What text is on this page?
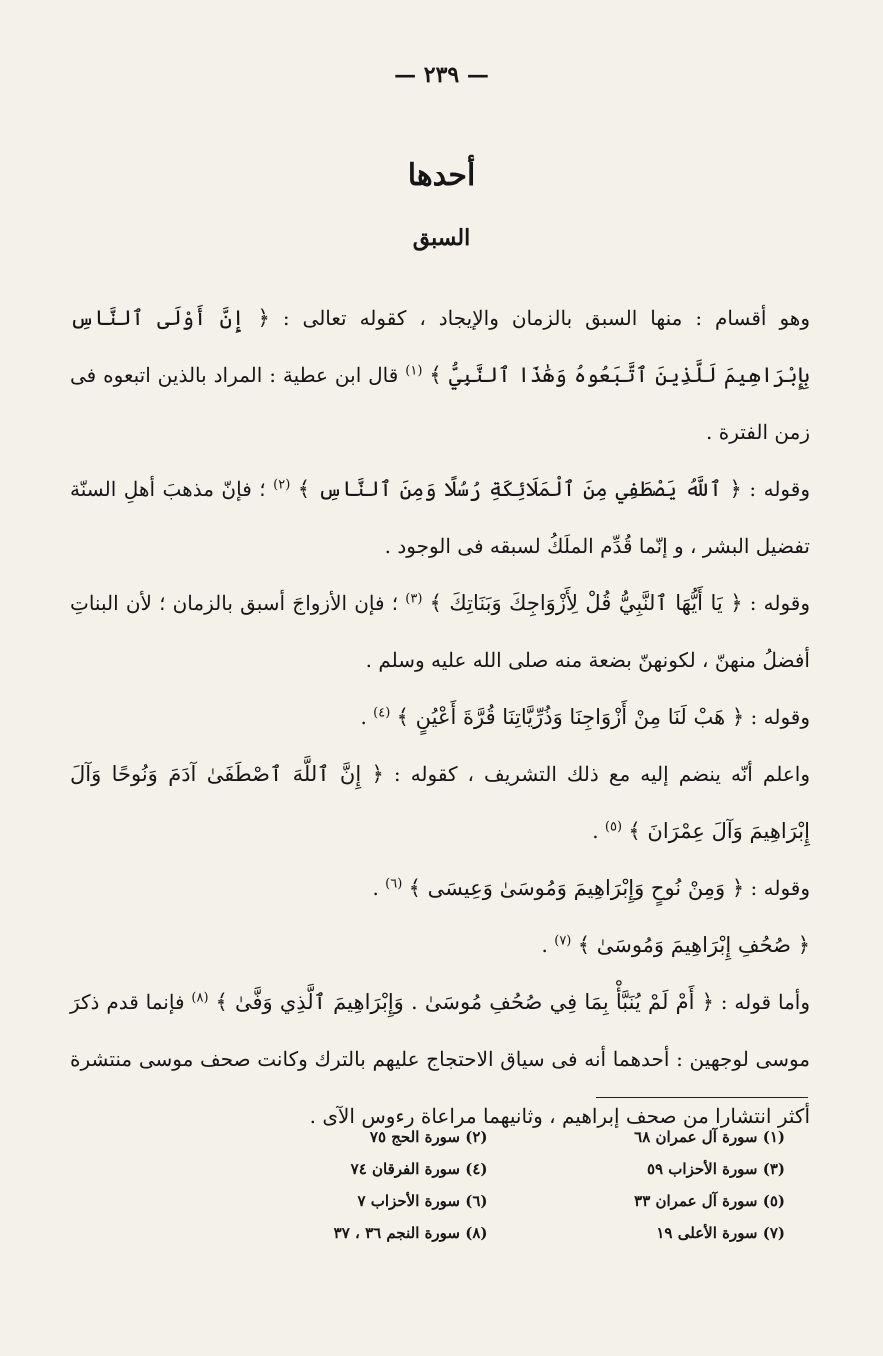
— ٢٣٩ —
أحدها
السبق

وهو أقسام : منها السبق بالزمان والإيجاد ، كقوله تعالى : ﴿ إِنَّ أَوْلَى ٱلنَّاسِ بِإِبْرَاهِيمَ لَلَّذِينَ ٱتَّبَعُوهُ وَهَٰذَا ٱلنَّبِيُّ ﴾ $^{(١)}$ قال ابن عطية : المراد بالذين اتبعوه فى زمن الفترة .

وقوله : ﴿ ٱللَّهُ يَصْطَفِي مِنَ ٱلْمَلَائِكَةِ رُسُلًا وَمِنَ ٱلنَّاسِ ﴾ $^{(٢)}$ ؛ فإنّ مذهبَ أهلِ السنّة تفضيل البشر ، و إنّما قُدِّم الملَكُ لسبقه فى الوجود .

وقوله : ﴿ يَا أَيُّهَا ٱلنَّبِيُّ قُلْ لِأَزْوَاجِكَ وَبَنَاتِكَ ﴾ $^{(٣)}$ ؛ فإن الأزواجَ أسبق بالزمان ؛ لأن البناتِ أفضلُ منهنّ ، لكونهنّ بضعة منه صلى الله عليه وسلم .

وقوله : ﴿ هَبْ لَنَا مِنْ أَزْوَاجِنَا وَذُرِّيَّاتِنَا قُرَّةَ أَعْيُنٍ ﴾ $^{(٤)}$ .

واعلم أنّه ينضم إليه مع ذلك التشريف ، كقوله : ﴿ إِنَّ ٱللَّهَ ٱصْطَفَىٰ آدَمَ وَنُوحًا وَآلَ إِبْرَاهِيمَ وَآلَ عِمْرَانَ ﴾ $^{(٥)}$ .

وقوله : ﴿ وَمِنْ نُوحٍ وَإِبْرَاهِيمَ وَمُوسَىٰ وَعِيسَى ﴾ $^{(٦)}$ .

﴿ صُحُفِ إِبْرَاهِيمَ وَمُوسَىٰ ﴾ $^{(٧)}$ .

وأما قوله : ﴿ أَمْ لَمْ يُنَبَّأْ بِمَا فِي صُحُفِ مُوسَىٰ . وَإِبْرَاهِيمَ ٱلَّذِي وَفَّىٰ ﴾ $^{(٨)}$ فإنما قدم ذكرَ موسى لوجهين : أحدهما أنه فى سياق الاحتجاج عليهم بالترك وكانت صحف موسى منتشرة أكثر انتشارا من صحف إبراهيم ، وثانيهما مراعاة رءوس الآى .

(١) سورة آل عمران ٦٨
(٢) سورة الحج ٧٥
(٣) سورة الأحزاب ٥٩
(٤) سورة الفرقان ٧٤
(٥) سورة آل عمران ٣٣
(٦) سورة الأحزاب ٧
(٧) سورة الأعلى ١٩
(٨) سورة النجم ٣٦ ، ٣٧
